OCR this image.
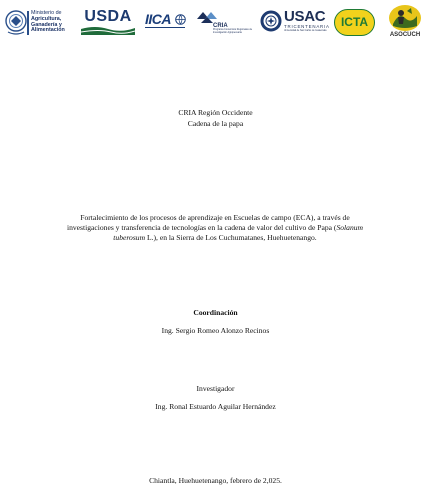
Ministerio de
Agricultura,
Ganadería y
Alimentación
USDA IICA	CRIA
Programa Consorcios Regionales de Investigación Agropecuaria
USAC
TRICENTENARIA
Universidad de San Carlos de Guatemala
ICTA
ASOCUCH
CRIA Región Occidente
Cadena de la papa
Fortalecimiento de los procesos de aprendizaje en Escuelas de campo (ECA), a través de investigaciones y transferencia de tecnologías en la cadena de valor del cultivo de Papa (Solanum tuberosum L.), en la Sierra de Los Cuchumatanes, Huehuetenango.
Coordinación
Ing. Sergio Romeo Alonzo Recinos
Investigador
Ing. Ronal Estuardo Aguilar Hernández
Chiantla, Huehuetenango, febrero de 2,025.
